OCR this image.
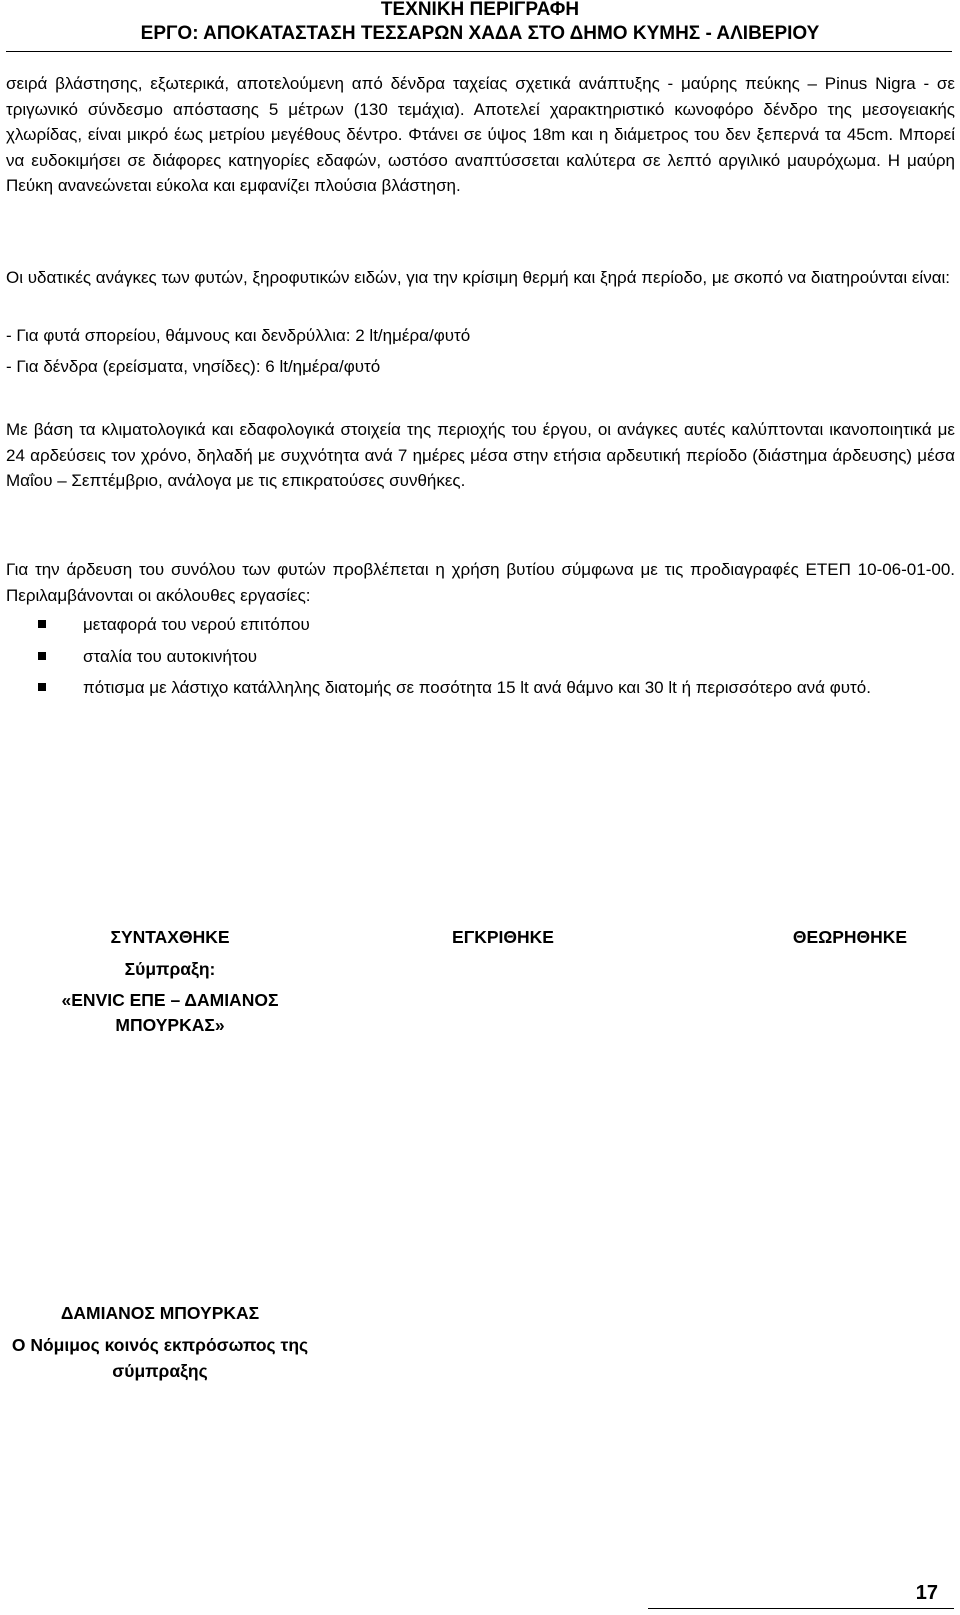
ΤΕΧΝΙΚΗ ΠΕΡΙΓΡΑΦΗ
ΕΡΓΟ: ΑΠΟΚΑΤΑΣΤΑΣΗ ΤΕΣΣΑΡΩΝ ΧΑΔΑ ΣΤΟ ΔΗΜΟ ΚΥΜΗΣ - ΑΛΙΒΕΡΙΟΥ

σειρά βλάστησης, εξωτερικά, αποτελούμενη από δένδρα ταχείας σχετικά ανάπτυξης - μαύρης πεύκης – Pinus Nigra - σε τριγωνικό σύνδεσμο απόστασης 5 μέτρων (130 τεμάχια). Αποτελεί χαρακτηριστικό κωνοφόρο δένδρο της μεσογειακής χλωρίδας, είναι μικρό έως μετρίου μεγέθους δέντρο. Φτάνει σε ύψος 18m και η διάμετρος του δεν ξεπερνά τα 45cm. Μπορεί να ευδοκιμήσει σε διάφορες κατηγορίες εδαφών, ωστόσο αναπτύσσεται καλύτερα σε λεπτό αργιλικό μαυρόχωμα. Η μαύρη Πεύκη ανανεώνεται εύκολα και εμφανίζει πλούσια βλάστηση.

Οι υδατικές ανάγκες των φυτών, ξηροφυτικών ειδών, για την κρίσιμη θερμή και ξηρά περίοδο, με σκοπό να διατηρούνται είναι:

- Για φυτά σπορείου, θάμνους και δενδρύλλια: 2 lt/ημέρα/φυτό

- Για δένδρα (ερείσματα, νησίδες): 6 lt/ημέρα/φυτό

Με βάση τα κλιματολογικά και εδαφολογικά στοιχεία της περιοχής του έργου, οι ανάγκες αυτές καλύπτονται ικανοποιητικά με 24 αρδεύσεις τον χρόνο, δηλαδή με συχνότητα ανά 7 ημέρες μέσα στην ετήσια αρδευτική περίοδο (διάστημα άρδευσης) μέσα Μαΐου – Σεπτέμβριο, ανάλογα με τις επικρατούσες συνθήκες.

Για την άρδευση του συνόλου των φυτών προβλέπεται η χρήση βυτίου σύμφωνα με τις προδιαγραφές ΕΤΕΠ 10-06-01-00. Περιλαμβάνονται οι ακόλουθες εργασίες:

μεταφορά του νερού επιτόπου
σταλία του αυτοκινήτου
πότισμα με λάστιχο κατάλληλης διατομής σε ποσότητα 15 lt ανά θάμνο και 30 lt ή περισσότερο ανά φυτό.
ΣΥΝΤΑΧΘΗΚΕ
Σύμπραξη:
«ENVIC ΕΠΕ – ΔΑΜΙΑΝΟΣ ΜΠΟΥΡΚΑΣ»
ΕΓΚΡΙΘΗΚΕ	ΘΕΩΡΗΘΗΚΕ
ΔΑΜΙΑΝΟΣ ΜΠΟΥΡΚΑΣ
Ο Νόμιμος κοινός εκπρόσωπος της σύμπραξης
17
